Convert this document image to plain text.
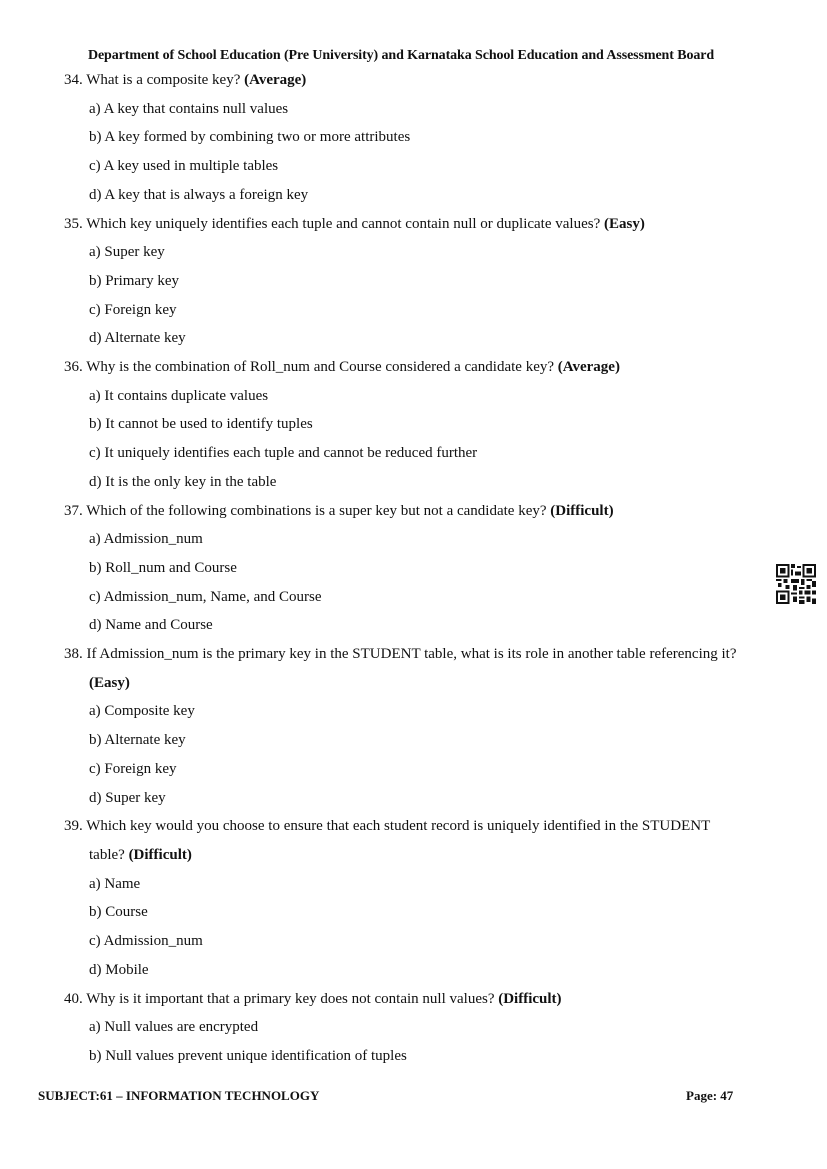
Department of School Education (Pre University) and Karnataka School Education and Assessment Board
34. What is a composite key? (Average)
a) A key that contains null values
b) A key formed by combining two or more attributes
c) A key used in multiple tables
d) A key that is always a foreign key
35. Which key uniquely identifies each tuple and cannot contain null or duplicate values? (Easy)
a) Super key
b) Primary key
c) Foreign key
d) Alternate key
36. Why is the combination of Roll_num and Course considered a candidate key? (Average)
a) It contains duplicate values
b) It cannot be used to identify tuples
c) It uniquely identifies each tuple and cannot be reduced further
d) It is the only key in the table
37. Which of the following combinations is a super key but not a candidate key? (Difficult)
a) Admission_num
b) Roll_num and Course
c) Admission_num, Name, and Course
d) Name and Course
38. If Admission_num is the primary key in the STUDENT table, what is its role in another table referencing it?
(Easy)
a) Composite key
b) Alternate key
c) Foreign key
d) Super key
39. Which key would you choose to ensure that each student record is uniquely identified in the STUDENT
table? (Difficult)
a) Name
b) Course
c) Admission_num
d) Mobile
40. Why is it important that a primary key does not contain null values? (Difficult)
a) Null values are encrypted
b) Null values prevent unique identification of tuples
SUBJECT:61 – INFORMATION TECHNOLOGY	Page: 47
